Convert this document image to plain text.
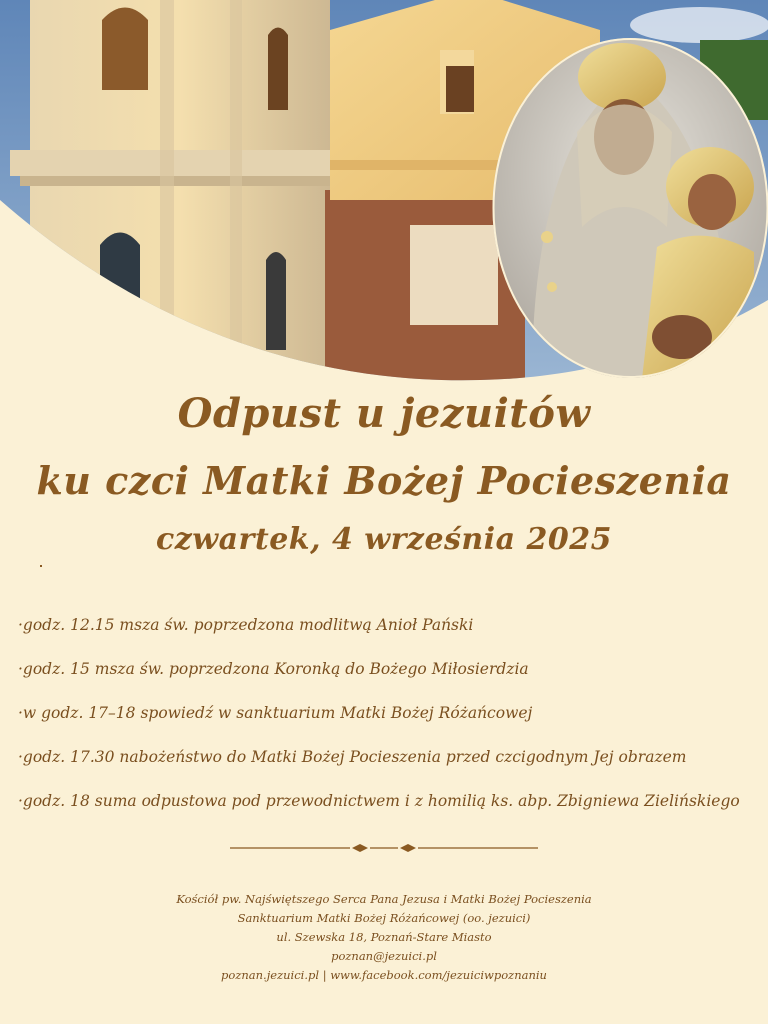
Odpust u jezuitów
ku czci Matki Bożej Pocieszenia
czwartek, 4 września 2025
·godz. 12.15 msza św. poprzedzona modlitwą Anioł Pański
·godz. 15 msza św. poprzedzona Koronką do Bożego Miłosierdzia
·w godz. 17–18 spowiedź w sanktuarium Matki Bożej Różańcowej
·godz. 17.30 nabożeństwo do Matki Bożej Pocieszenia przed czcigodnym Jej obrazem
·godz. 18 suma odpustowa pod przewodnictwem i z homilią ks. abp. Zbigniewa Zielińskiego
Kościół pw. Najświętszego Serca Pana Jezusa i Matki Bożej Pocieszenia
Sanktuarium Matki Bożej Różańcowej (oo. jezuici)
ul. Szewska 18, Poznań-Stare Miasto
poznan@jezuici.pl
poznan.jezuici.pl | www.facebook.com/jezuiciwpoznaniu
